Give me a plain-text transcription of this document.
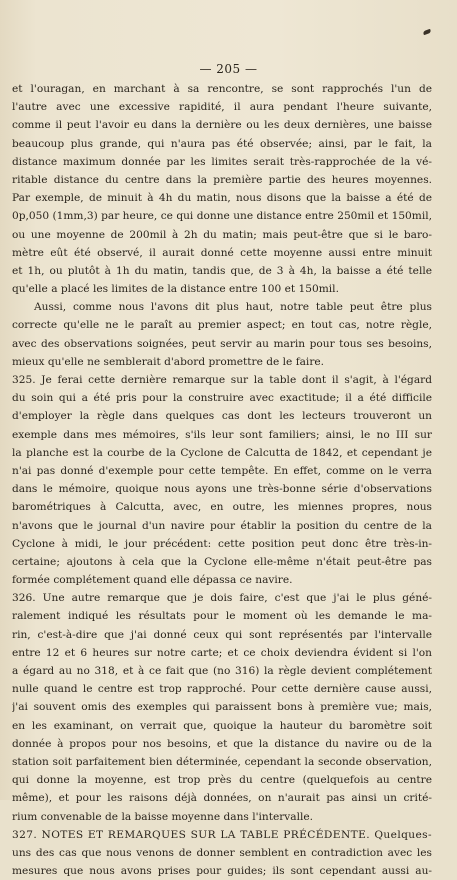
— 205 —
et l'ouragan, en marchant à sa rencontre, se sont rapprochés l'un de
l'autre avec une excessive rapidité, il aura pendant l'heure suivante,
comme il peut l'avoir eu dans la dernière ou les deux dernières, une baisse
beaucoup plus grande, qui n'aura pas été observée; ainsi, par le fait, la
distance maximum donnée par les limites serait très-rapprochée de la vé-
ritable distance du centre dans la première partie des heures moyennes.
Par exemple, de minuit à 4h du matin, nous disons que la baisse a été de
0p,050 (1mm,3) par heure, ce qui donne une distance entre 250mil et 150mil,
ou une moyenne de 200mil à 2h du matin; mais peut-être que si le baro-
mètre eût été observé, il aurait donné cette moyenne aussi entre minuit
et 1h, ou plutôt à 1h du matin, tandis que, de 3 à 4h, la baisse a été telle
qu'elle a placé les limites de la distance entre 100 et 150mil.
Aussi, comme nous l'avons dit plus haut, notre table peut être plus
correcte qu'elle ne le paraît au premier aspect; en tout cas, notre règle,
avec des observations soignées, peut servir au marin pour tous ses besoins,
mieux qu'elle ne semblerait d'abord promettre de le faire.
325. Je ferai cette dernière remarque sur la table dont il s'agit, à l'égard
du soin qui a été pris pour la construire avec exactitude; il a été difficile
d'employer la règle dans quelques cas dont les lecteurs trouveront un
exemple dans mes mémoires, s'ils leur sont familiers; ainsi, le no III sur
la planche est la courbe de la Cyclone de Calcutta de 1842, et cependant je
n'ai pas donné d'exemple pour cette tempête. En effet, comme on le verra
dans le mémoire, quoique nous ayons une très-bonne série d'observations
barométriques à Calcutta, avec, en outre, les miennes propres, nous
n'avons que le journal d'un navire pour établir la position du centre de la
Cyclone à midi, le jour précédent: cette position peut donc être très-in-
certaine; ajoutons à cela que la Cyclone elle-même n'était peut-être pas
formée complétement quand elle dépassa ce navire.
326. Une autre remarque que je dois faire, c'est que j'ai le plus géné-
ralement indiqué les résultats pour le moment où les demande le ma-
rin, c'est-à-dire que j'ai donné ceux qui sont représentés par l'intervalle
entre 12 et 6 heures sur notre carte; et ce choix deviendra évident si l'on
a égard au no 318, et à ce fait que (no 316) la règle devient complétement
nulle quand le centre est trop rapproché. Pour cette dernière cause aussi,
j'ai souvent omis des exemples qui paraissent bons à première vue; mais,
en les examinant, on verrait que, quoique la hauteur du baromètre soit
donnée à propos pour nos besoins, et que la distance du navire ou de la
station soit parfaitement bien déterminée, cependant la seconde observation,
qui donne la moyenne, est trop près du centre (quelquefois au centre
même), et pour les raisons déjà données, on n'aurait pas ainsi un crité-
rium convenable de la baisse moyenne dans l'intervalle.
327. NOTES ET REMARQUES SUR LA TABLE PRÉCÉDENTE. Quelques-
uns des cas que nous venons de donner semblent en contradiction avec les
mesures que nous avons prises pour guides; ils sont cependant aussi au-
